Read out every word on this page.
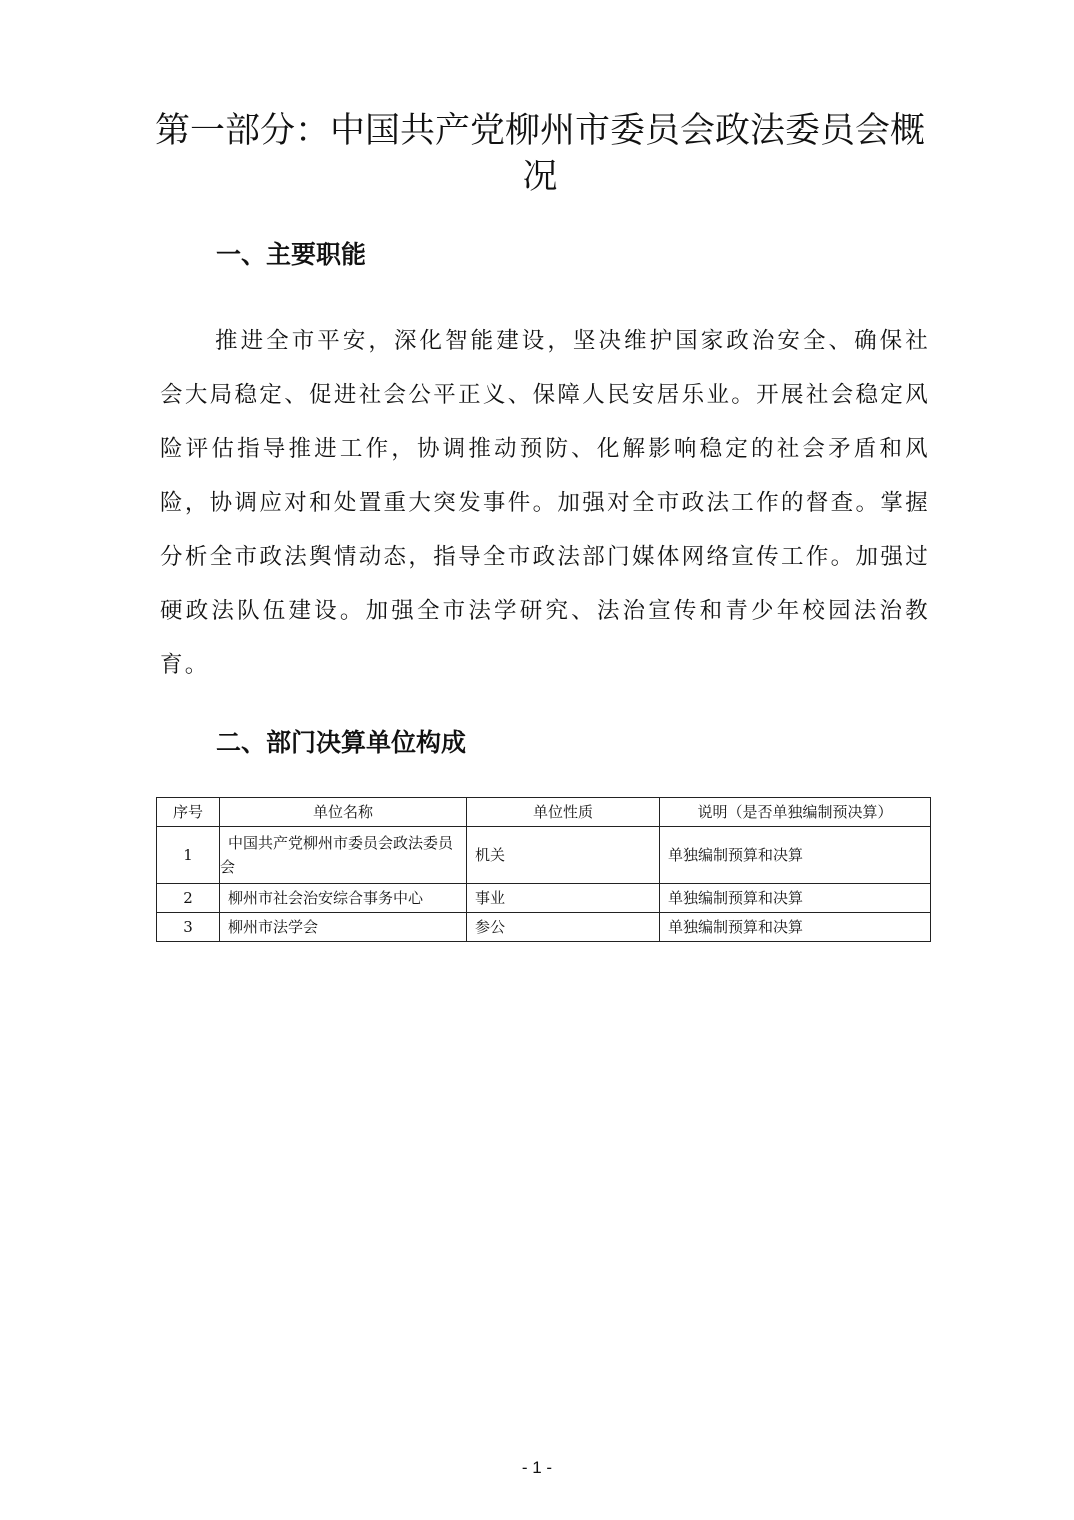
第一部分：中国共产党柳州市委员会政法委员会概况
一、主要职能

推进全市平安，深化智能建设，坚决维护国家政治安全、确保社会大局稳定、促进社会公平正义、保障人民安居乐业。开展社会稳定风险评估指导推进工作，协调推动预防、化解影响稳定的社会矛盾和风险，协调应对和处置重大突发事件。加强对全市政法工作的督查。掌握分析全市政法舆情动态，指导全市政法部门媒体网络宣传工作。加强过硬政法队伍建设。加强全市法学研究、法治宣传和青少年校园法治教育。

二、部门决算单位构成
序号	单位名称	单位性质	说明（是否单独编制预决算）
1	中国共产党柳州市委员会政法委员会	机关	单独编制预算和决算
2	柳州市社会治安综合事务中心	事业	单独编制预算和决算
3	柳州市法学会	参公	单独编制预算和决算

- 1 -
